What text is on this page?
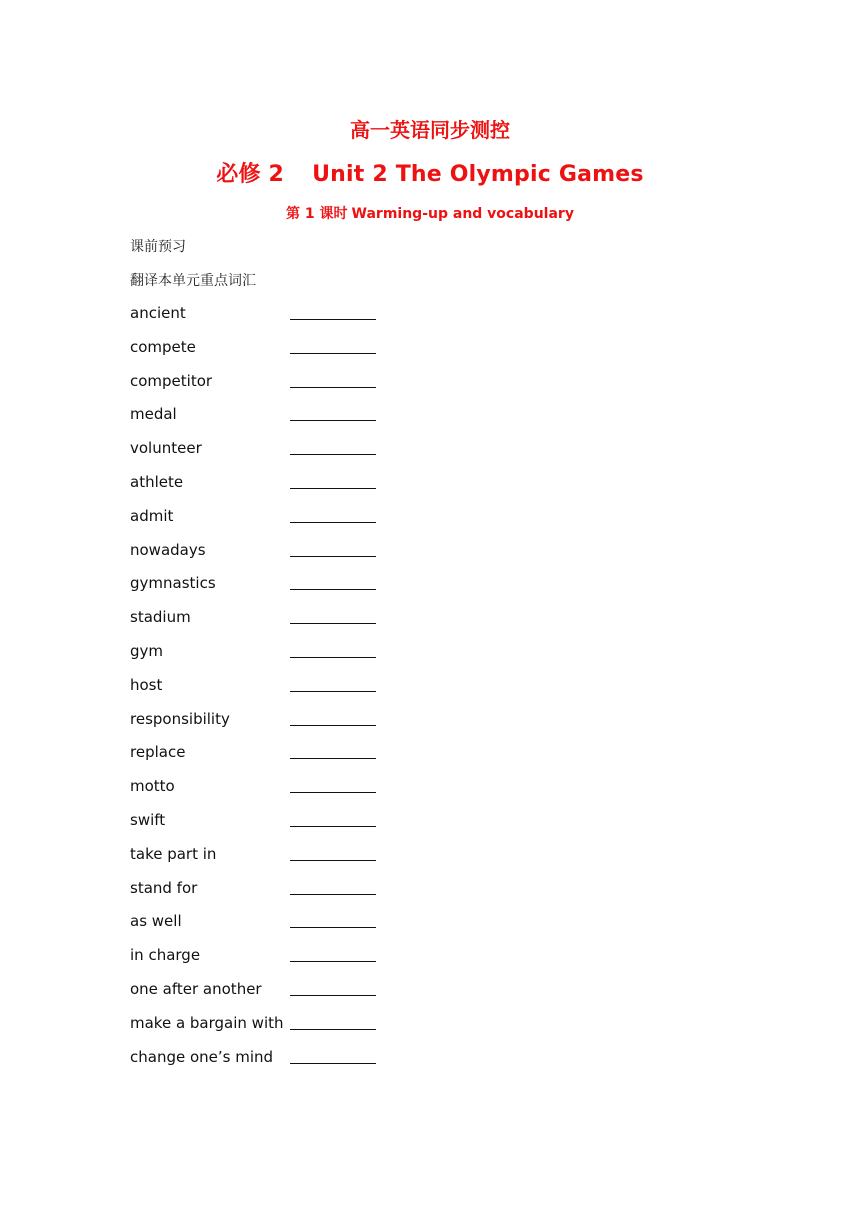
高一英语同步测控
必修 2 Unit 2 The Olympic Games
第 1 课时 Warming-up and vocabulary
课前预习
翻译本单元重点词汇
ancient
compete
competitor
medal
volunteer
athlete
admit
nowadays
gymnastics
stadium
gym
host
responsibility
replace
motto
swift
take part in
stand for
as well
in charge
one after another
make a bargain with
change one’s mind
